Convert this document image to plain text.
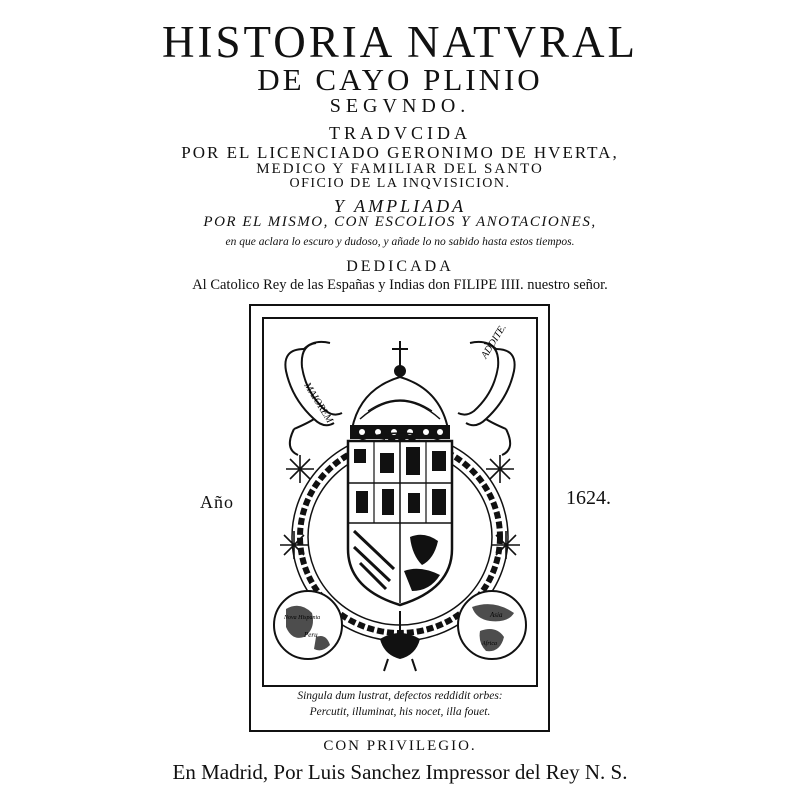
HISTORIA NATVRAL
DE CAYO PLINIO
SEGVNDO.
TRADVCIDA
POR EL LICENCIADO GERONIMO DE HVERTA,
MEDICO Y FAMILIAR DEL SANTO
OFICIO DE LA INQVISICION.
Y AMPLIADA
POR EL MISMO, CON ESCOLIOS Y ANOTACIONES,
en que aclara lo escuro y dudoso, y añade lo no sabido hasta estos tiempos.
DEDICADA
Al Catolico Rey de las Españas y Indias don FILIPE IIII. nuestro señor.
Año	1624.
MAIOREM
ADDITE.
Nova Hispania
Peru
Asia
Africa
Singula dum lustrat, defectos reddidit orbes:
Percutit, illuminat, his nocet, illa fouet.
CON PRIVILEGIO.
En Madrid, Por Luis Sanchez Impressor del Rey N. S.
